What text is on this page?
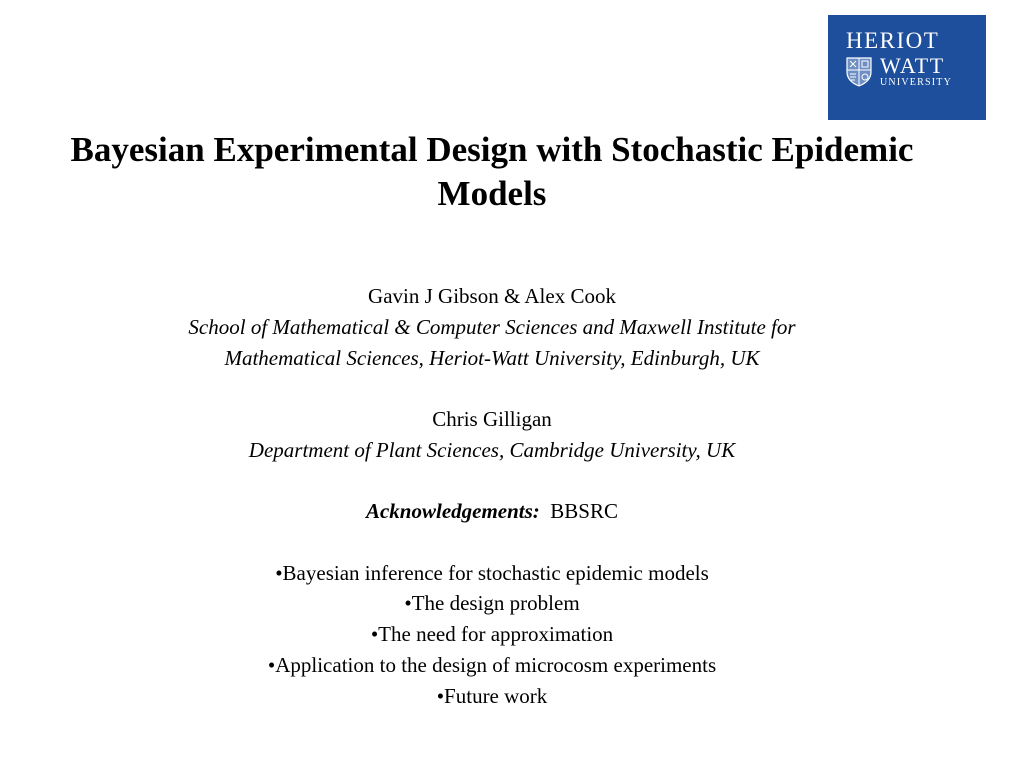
HERIOT
WATT
UNIVERSITY
Bayesian Experimental Design with Stochastic Epidemic Models
Gavin J Gibson & Alex Cook
School of Mathematical & Computer Sciences and Maxwell Institute for
Mathematical Sciences, Heriot-Watt University, Edinburgh, UK
Chris Gilligan
Department of Plant Sciences, Cambridge University, UK
Acknowledgements: BBSRC
•Bayesian inference for stochastic epidemic models
•The design problem
•The need for approximation
•Application to the design of microcosm experiments
•Future work
